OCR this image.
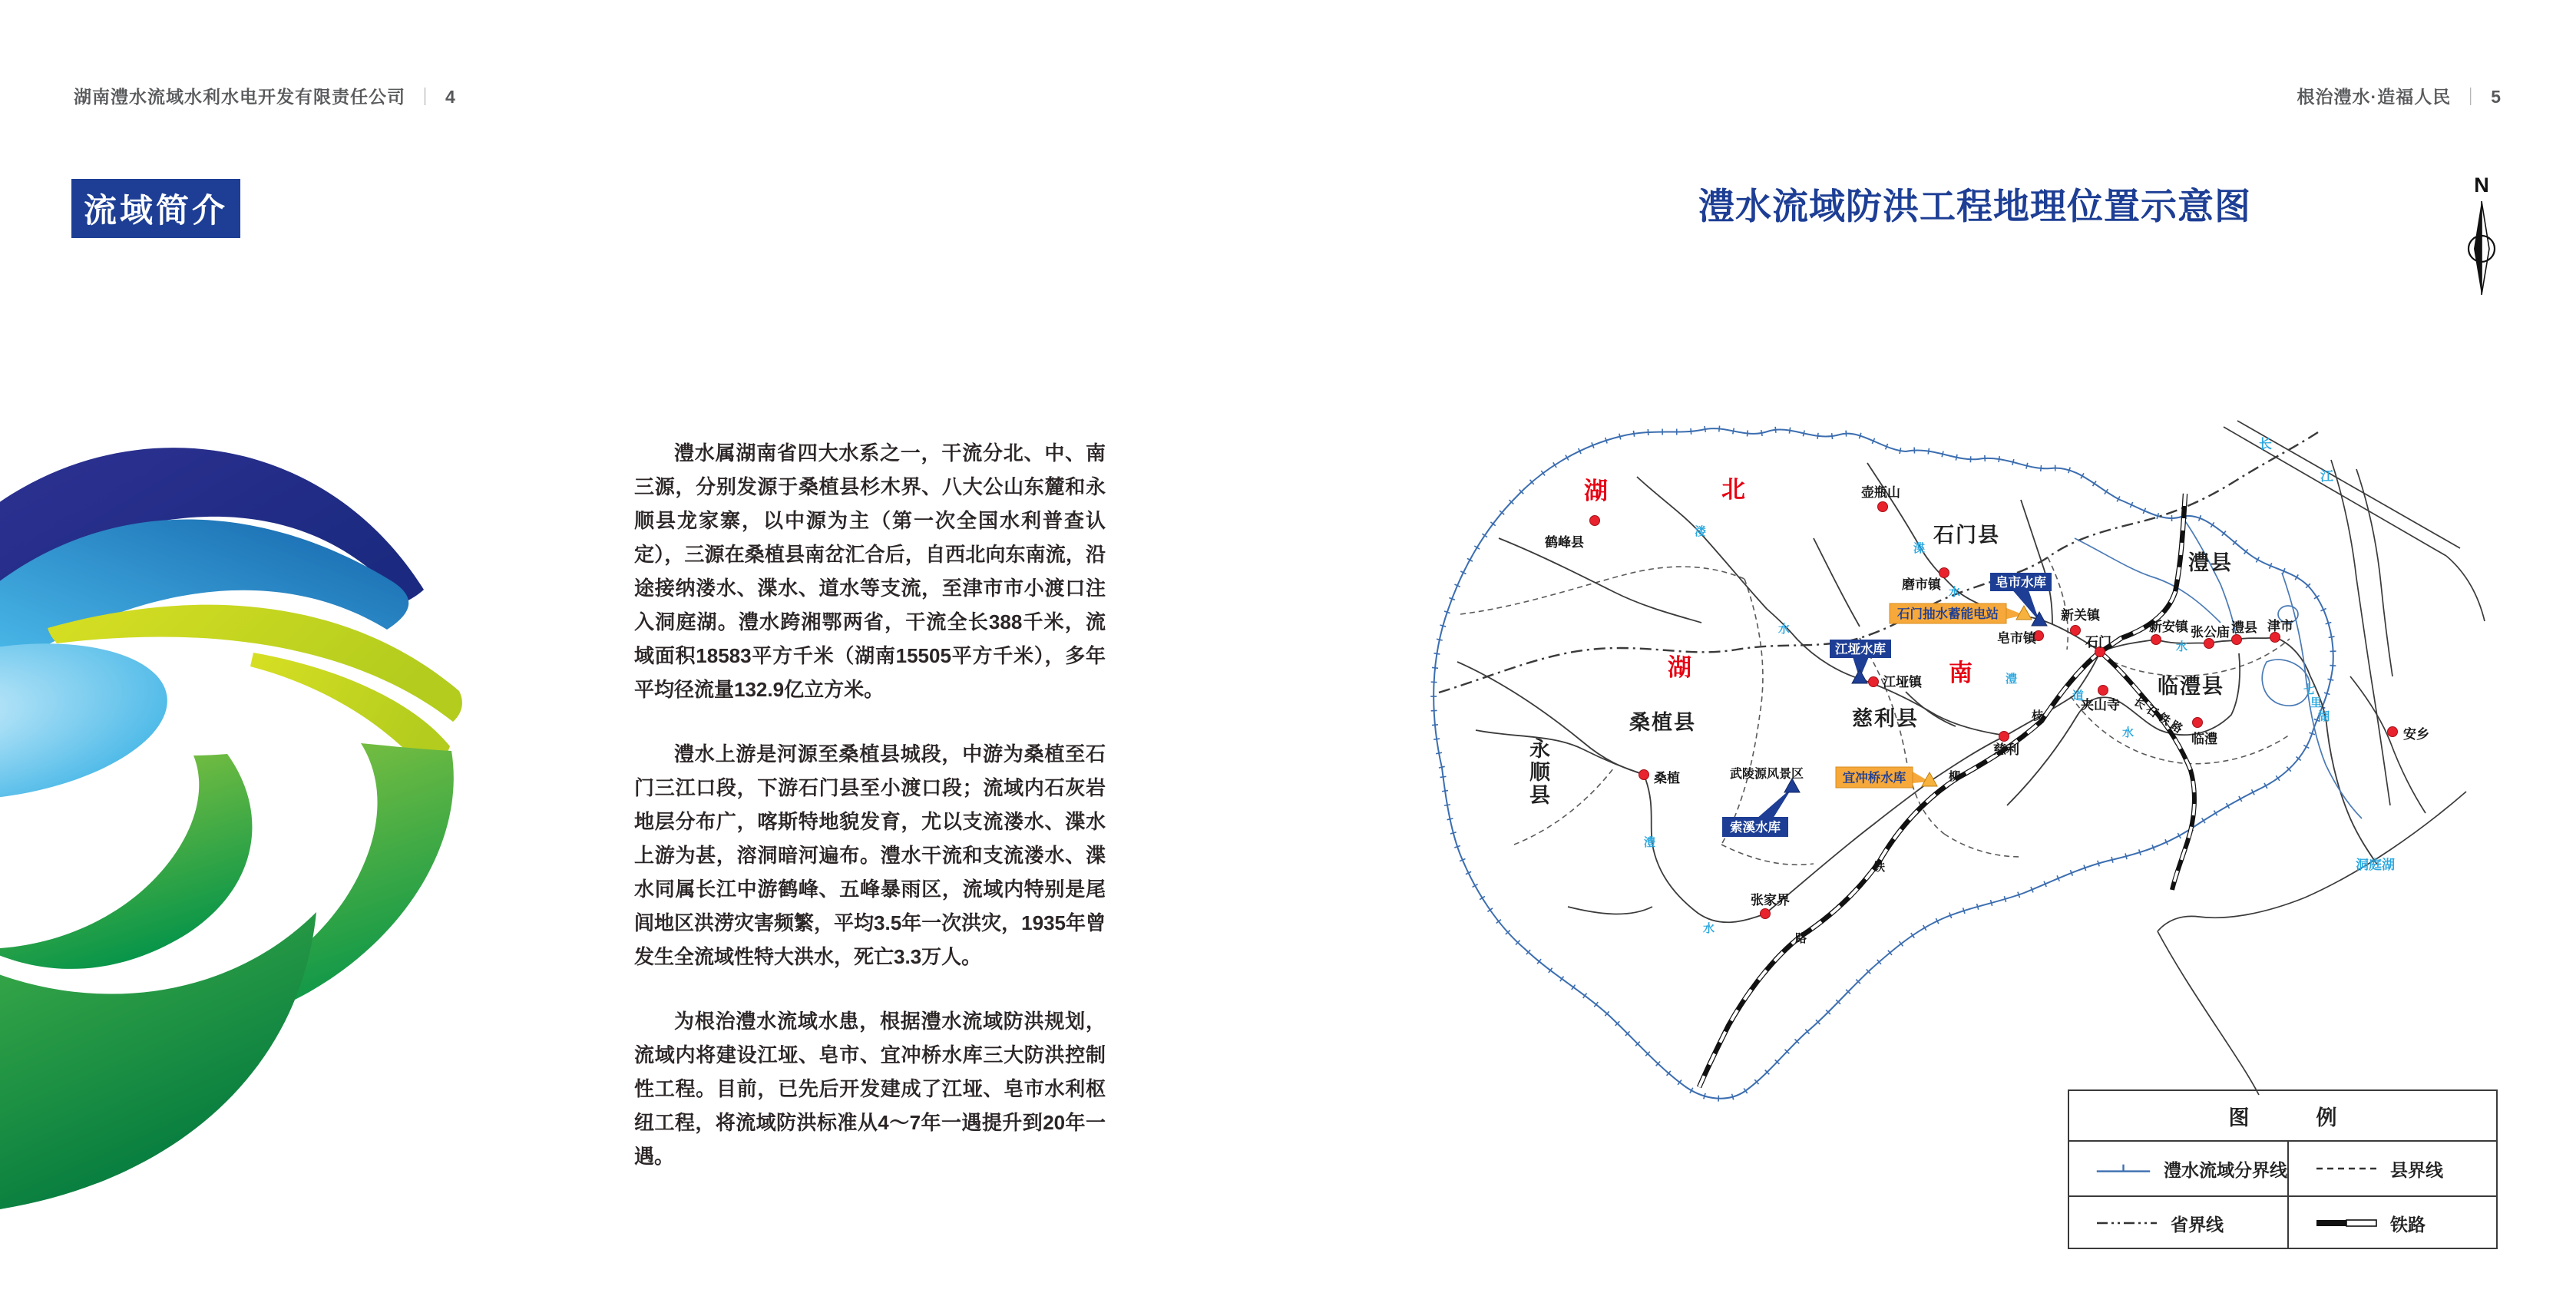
湖南澧水流域水利水电开发有限责任公司 ｜ 4	根治澧水·造福人民 ｜ 5
流域简介

澧水属湖南省四大水系之一，干流分北、中、南三源，分别发源于桑植县杉木界、八大公山东麓和永顺县龙家寨，以中源为主（第一次全国水利普查认定），三源在桑植县南岔汇合后，自西北向东南流，沿途接纳溇水、渫水、道水等支流，至津市市小渡口注入洞庭湖。澧水跨湘鄂两省，干流全长388千米，流域面积18583平方千米（湖南15505平方千米），多年平均径流量132.9亿立方米。

澧水上游是河源至桑植县城段，中游为桑植至石门三江口段，下游石门县至小渡口段；流域内石灰岩地层分布广，喀斯特地貌发育，尤以支流溇水、渫水上游为甚，溶洞暗河遍布。澧水干流和支流溇水、渫水同属长江中游鹤峰、五峰暴雨区，流域内特别是尾闾地区洪涝灾害频繁，平均3.5年一次洪灾，1935年曾发生全流域性特大洪水，死亡3.3万人。

为根治澧水流域水患，根据澧水流域防洪规划，流域内将建设江垭、皂市、宜冲桥水库三大防洪控制性工程。目前，已先后开发建成了江垭、皂市水利枢纽工程，将流域防洪标准从4～7年一遇提升到20年一遇。

澧水流域防洪工程地理位置示意图
N
江垭水库
皂市水库
索溪水库
石门抽水蓄能电站
宜冲桥水库
湖	北
湖	南
石门县
桑植县	慈利县
澧县
临澧县
永顺县
鹤峰县
壶瓶山
磨市镇
桑植
张家界
江垭镇
慈利
夹山寺
皂市镇
新关镇
石门
新安镇 张公庙 澧县 津市
临澧	安乡
溇
水
渫
水
澧
水
澧
道
水
水
长
江
七
里
湖
洞庭湖
枝
柳
铁
路
长石铁路
武陵源风景区
图　例
澧水流域分界线	县界线
省界线	铁路
